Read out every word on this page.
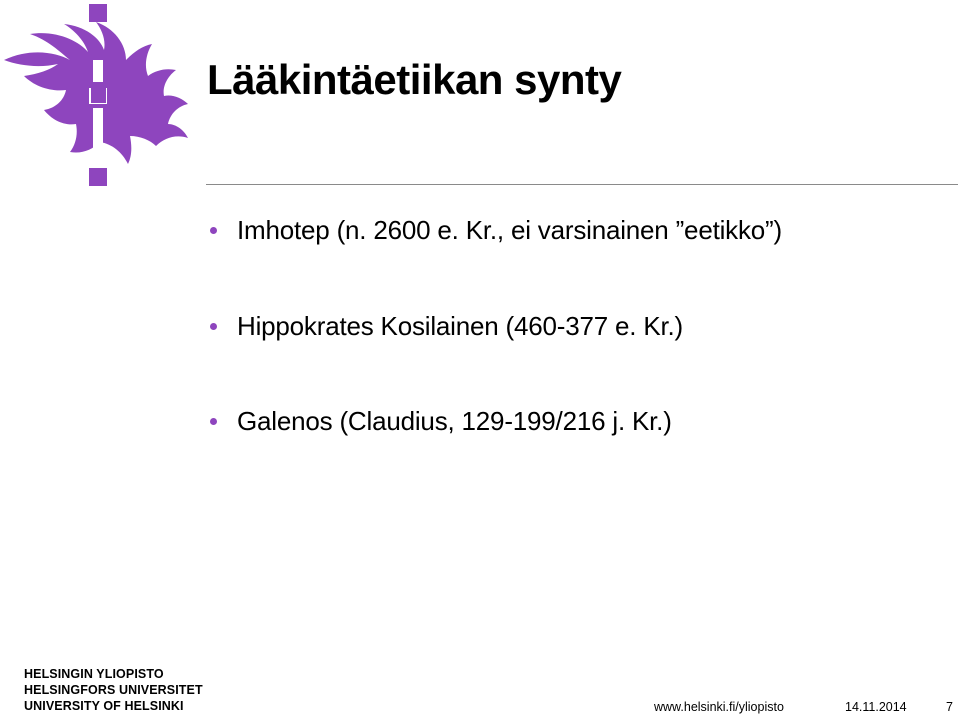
Lääkintäetiikan synty
Imhotep (n. 2600 e. Kr., ei varsinainen ”eetikko”)
Hippokrates Kosilainen (460-377 e. Kr.)
Galenos (Claudius, 129-199/216 j. Kr.)
HELSINGIN YLIOPISTO
HELSINGFORS UNIVERSITET
UNIVERSITY OF HELSINKI	www.helsinki.fi/yliopisto	14.11.2014	7
